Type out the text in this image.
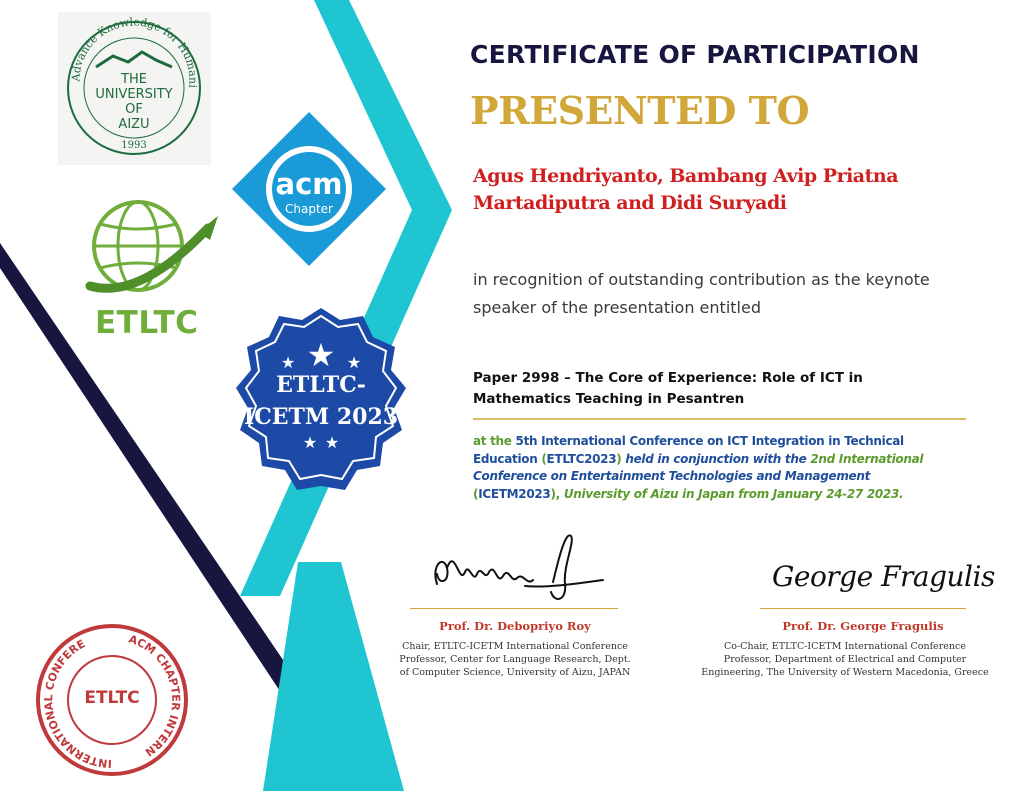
Advance Knowledge for Humani
THE
UNIVERSITY
OF
AIZU
1993
acm
Chapter
ETLTC
★
★	★
★ ★
ETLTC-
ICETM 2023
INTERNATIONAL CONFERE	ACM CHAPTER INTERN
ETLTC
CERTIFICATE OF PARTICIPATION
PRESENTED TO
Agus Hendriyanto, Bambang Avip Priatna
Martadiputra and Didi Suryadi
in recognition of outstanding contribution as the keynote
speaker of the presentation entitled
Paper 2998 – The Core of Experience: Role of ICT in
Mathematics Teaching in Pesantren
at the 5th International Conference on ICT Integration in Technical
Education (ETLTC2023) held in conjunction with the 2nd International
Conference on Entertainment Technologies and Management
(ICETM2023), University of Aizu in Japan from January 24-27 2023.
Prof. Dr. Debopriyo Roy
Chair, ETLTC-ICETM International Conference
Professor, Center for Language Research, Dept.
of Computer Science, University of Aizu, JAPAN
George Fragulis
Prof. Dr. George Fragulis
Co-Chair, ETLTC-ICETM International Conference
Professor, Department of Electrical and Computer
Engineering, The University of Western Macedonia, Greece
